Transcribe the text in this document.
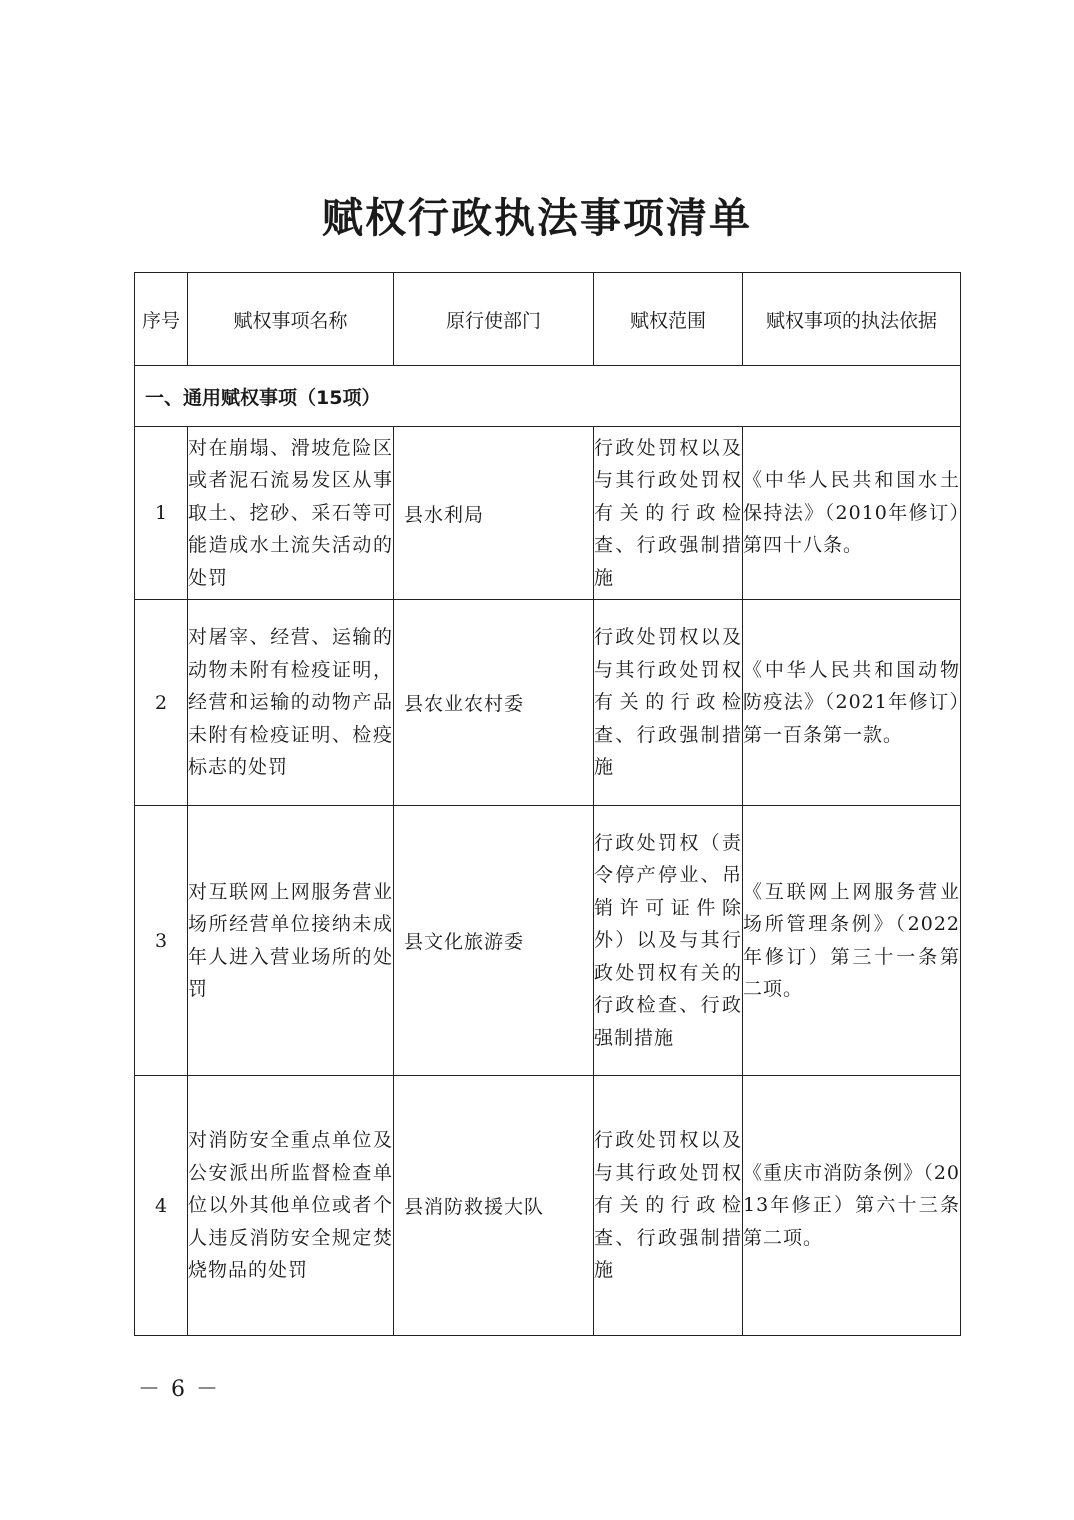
赋权行政执法事项清单
序号	赋权事项名称	原行使部门	赋权范围	赋权事项的执法依据
一、通用赋权事项（15项）				
1	对在崩塌、滑坡危险区或者泥石流易发区从事取土、挖砂、采石等可能造成水土流失活动的处罚	县水利局	行政处罚权以及与其行政处罚权有关的行政检查、行政强制措施	《中华人民共和国水土保持法》（2010年修订）第四十八条。
2	对屠宰、经营、运输的动物未附有检疫证明，经营和运输的动物产品未附有检疫证明、检疫标志的处罚	县农业农村委	行政处罚权以及与其行政处罚权有关的行政检查、行政强制措施	《中华人民共和国动物防疫法》（2021年修订）第一百条第一款。
3	对互联网上网服务营业场所经营单位接纳未成年人进入营业场所的处罚	县文化旅游委	行政处罚权（责令停产停业、吊销许可证件除外）以及与其行政处罚权有关的行政检查、行政强制措施	《互联网上网服务营业场所管理条例》（2022年修订）第三十一条第二项。
4	对消防安全重点单位及公安派出所监督检查单位以外其他单位或者个人违反消防安全规定焚烧物品的处罚	县消防救援大队	行政处罚权以及与其行政处罚权有关的行政检查、行政强制措施	《重庆市消防条例》（2013年修正）第六十三条第二项。
－ 6 －
